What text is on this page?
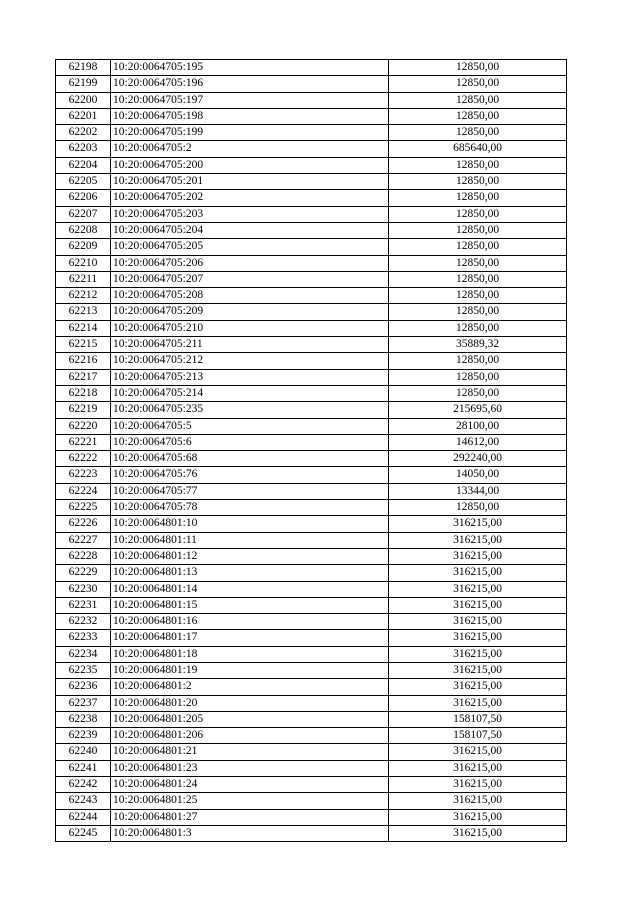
62198	10:20:0064705:195	12850,00
62199	10:20:0064705:196	12850,00
62200	10:20:0064705:197	12850,00
62201	10:20:0064705:198	12850,00
62202	10:20:0064705:199	12850,00
62203	10:20:0064705:2	685640,00
62204	10:20:0064705:200	12850,00
62205	10:20:0064705:201	12850,00
62206	10:20:0064705:202	12850,00
62207	10:20:0064705:203	12850,00
62208	10:20:0064705:204	12850,00
62209	10:20:0064705:205	12850,00
62210	10:20:0064705:206	12850,00
62211	10:20:0064705:207	12850,00
62212	10:20:0064705:208	12850,00
62213	10:20:0064705:209	12850,00
62214	10:20:0064705:210	12850,00
62215	10:20:0064705:211	35889,32
62216	10:20:0064705:212	12850,00
62217	10:20:0064705:213	12850,00
62218	10:20:0064705:214	12850,00
62219	10:20:0064705:235	215695,60
62220	10:20:0064705:5	28100,00
62221	10:20:0064705:6	14612,00
62222	10:20:0064705:68	292240,00
62223	10:20:0064705:76	14050,00
62224	10:20:0064705:77	13344,00
62225	10:20:0064705:78	12850,00
62226	10:20:0064801:10	316215,00
62227	10:20:0064801:11	316215,00
62228	10:20:0064801:12	316215,00
62229	10:20:0064801:13	316215,00
62230	10:20:0064801:14	316215,00
62231	10:20:0064801:15	316215,00
62232	10:20:0064801:16	316215,00
62233	10:20:0064801:17	316215,00
62234	10:20:0064801:18	316215,00
62235	10:20:0064801:19	316215,00
62236	10:20:0064801:2	316215,00
62237	10:20:0064801:20	316215,00
62238	10:20:0064801:205	158107,50
62239	10:20:0064801:206	158107,50
62240	10:20:0064801:21	316215,00
62241	10:20:0064801:23	316215,00
62242	10:20:0064801:24	316215,00
62243	10:20:0064801:25	316215,00
62244	10:20:0064801:27	316215,00
62245	10:20:0064801:3	316215,00
